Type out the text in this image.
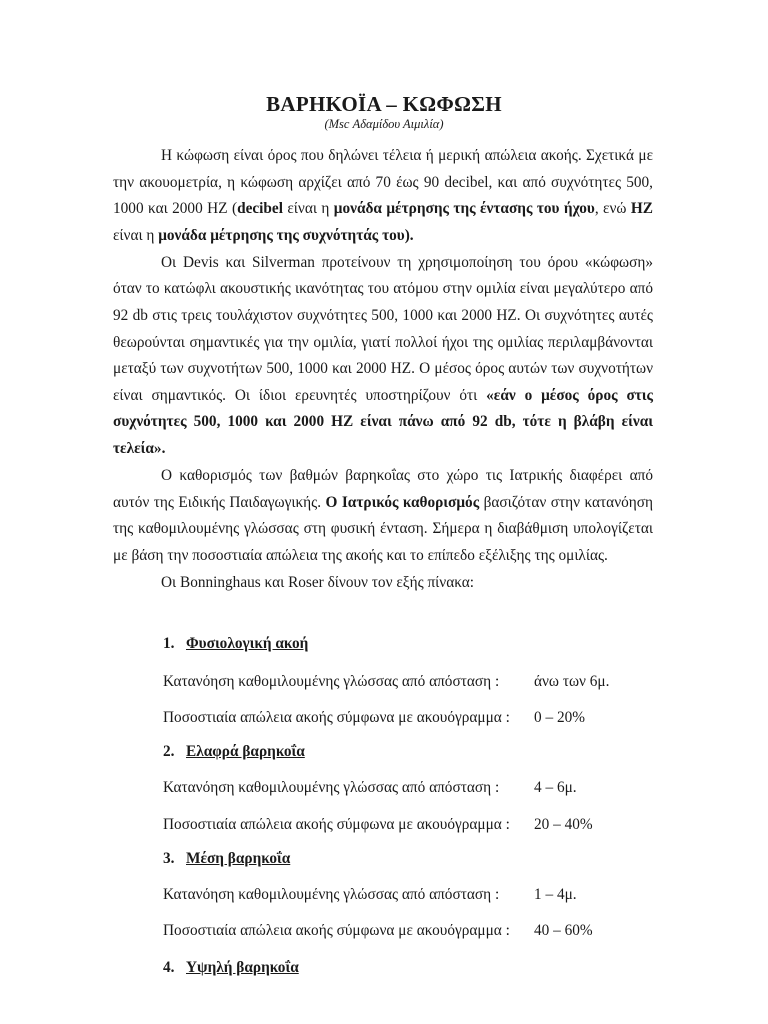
ΒΑΡΗΚΟΪΑ – ΚΩΦΩΣΗ
(Msc Αδαμίδου Αιμιλία)

Η κώφωση είναι όρος που δηλώνει τέλεια ή μερική απώλεια ακοής. Σχετικά με την ακουομετρία, η κώφωση αρχίζει από 70 έως 90 decibel, και από συχνότητες 500, 1000 και 2000 HZ (decibel είναι η μονάδα μέτρησης της έντασης του ήχου, ενώ HZ είναι η μονάδα μέτρησης της συχνότητάς του).

Οι Devis και Silverman προτείνουν τη χρησιμοποίηση του όρου «κώφωση» όταν το κατώφλι ακουστικής ικανότητας του ατόμου στην ομιλία είναι μεγαλύτερο από 92 db στις τρεις τουλάχιστον συχνότητες 500, 1000 και 2000 HZ. Οι συχνότητες αυτές θεωρούνται σημαντικές για την ομιλία, γιατί πολλοί ήχοι της ομιλίας περιλαμβάνονται μεταξύ των συχνοτήτων 500, 1000 και 2000 HZ. Ο μέσος όρος αυτών των συχνοτήτων είναι σημαντικός. Οι ίδιοι ερευνητές υποστηρίζουν ότι «εάν ο μέσος όρος στις συχνότητες 500, 1000 και 2000 HZ είναι πάνω από 92 db, τότε η βλάβη είναι τελεία».

Ο καθορισμός των βαθμών βαρηκοΐας στο χώρο τις Ιατρικής διαφέρει από αυτόν της Ειδικής Παιδαγωγικής. Ο Ιατρικός καθορισμός βασιζόταν στην κατανόηση της καθομιλουμένης γλώσσας στη φυσική ένταση. Σήμερα η διαβάθμιση υπολογίζεται με βάση την ποσοστιαία απώλεια της ακοής και το επίπεδο εξέλιξης της ομιλίας.

Οι Bonninghaus και Roser δίνουν τον εξής πίνακα:

1. Φυσιολογική ακοή
Κατανόηση καθομιλουμένης γλώσσας από απόσταση : άνω των 6μ.
Ποσοστιαία απώλεια ακοής σύμφωνα με ακουόγραμμα : 0 – 20%
2. Ελαφρά βαρηκοΐα
Κατανόηση καθομιλουμένης γλώσσας από απόσταση : 4 – 6μ.
Ποσοστιαία απώλεια ακοής σύμφωνα με ακουόγραμμα : 20 – 40%
3. Μέση βαρηκοΐα
Κατανόηση καθομιλουμένης γλώσσας από απόσταση : 1 – 4μ.
Ποσοστιαία απώλεια ακοής σύμφωνα με ακουόγραμμα : 40 – 60%
4. Υψηλή βαρηκοΐα
